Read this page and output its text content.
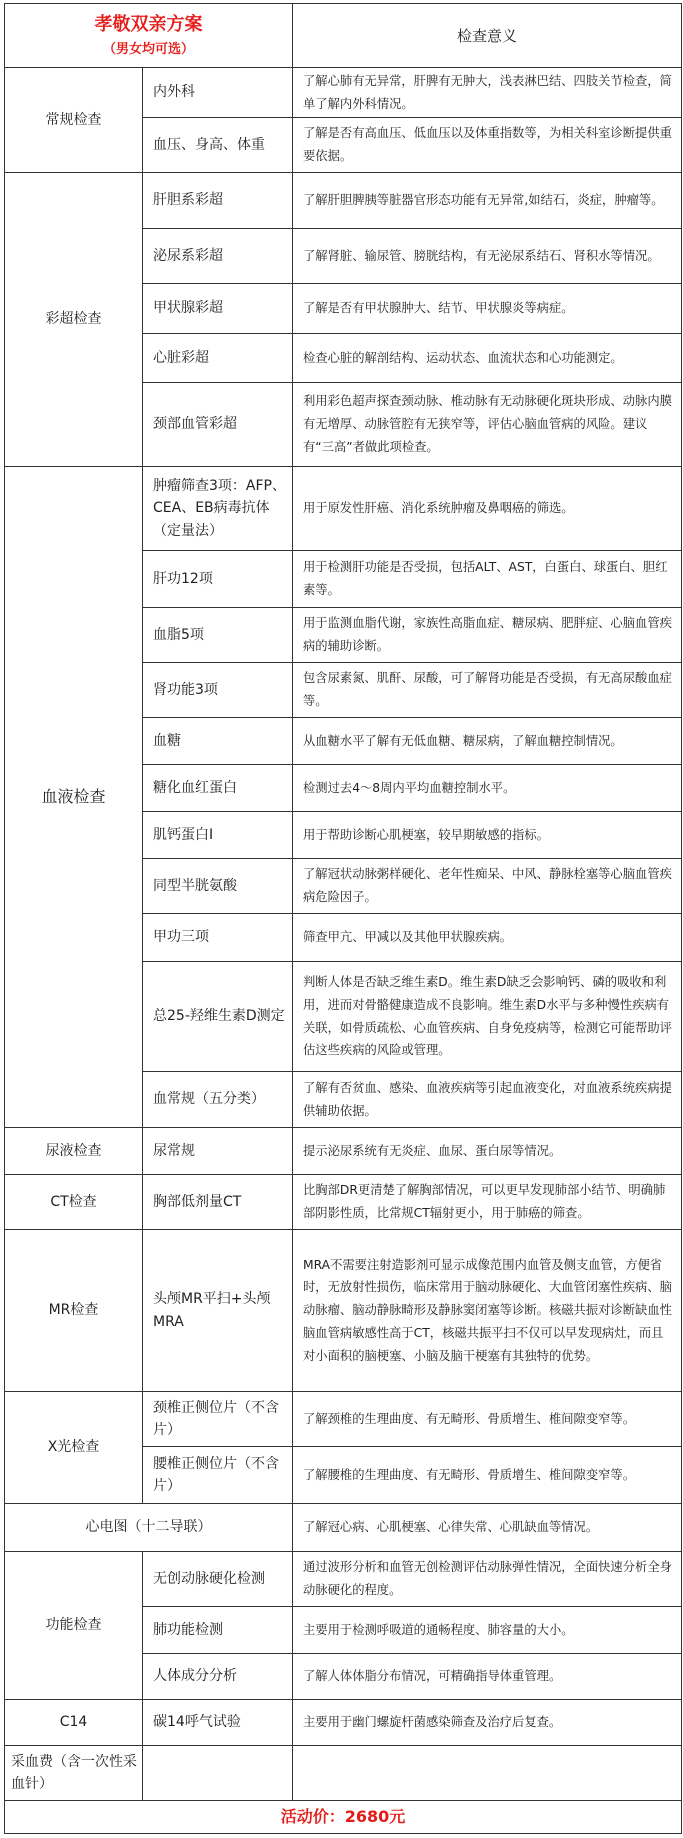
孝敬双亲方案
（男女均可选）		检查意义
常规检查	内外科	了解心肺有无异常，肝脾有无肿大，浅表淋巴结、四肢关节检查，简单了解内外科情况。
	血压、身高、体重	了解是否有高血压、低血压以及体重指数等，为相关科室诊断提供重要依据。
彩超检查	肝胆系彩超	了解肝胆脾胰等脏器官形态功能有无异常,如结石，炎症，肿瘤等。
	泌尿系彩超	了解肾脏、输尿管、膀胱结构，有无泌尿系结石、肾积水等情况。
	甲状腺彩超	了解是否有甲状腺肿大、结节、甲状腺炎等病症。
	心脏彩超	检查心脏的解剖结构、运动状态、血流状态和心功能测定。
	颈部血管彩超	利用彩色超声探查颈动脉、椎动脉有无动脉硬化斑块形成、动脉内膜有无增厚、动脉管腔有无狭窄等，评估心脑血管病的风险。建议有“三高”者做此项检查。
血液检查	肿瘤筛查3项：AFP、CEA、EB病毒抗体（定量法）	用于原发性肝癌、消化系统肿瘤及鼻咽癌的筛选。
	肝功12项	用于检测肝功能是否受损，包括ALT、AST，白蛋白、球蛋白、胆红素等。
	血脂5项	用于监测血脂代谢，家族性高脂血症、糖尿病、肥胖症、心脑血管疾病的辅助诊断。
	肾功能3项	包含尿素氮、肌酐、尿酸，可了解肾功能是否受损，有无高尿酸血症等。
	血糖	从血糖水平了解有无低血糖、糖尿病，了解血糖控制情况。
	糖化血红蛋白	检测过去4～8周内平均血糖控制水平。
	肌钙蛋白I	用于帮助诊断心肌梗塞，较早期敏感的指标。
	同型半胱氨酸	了解冠状动脉粥样硬化、老年性痴呆、中风、静脉栓塞等心脑血管疾病危险因子。
	甲功三项	筛查甲亢、甲减以及其他甲状腺疾病。
	总25-羟维生素D测定	判断人体是否缺乏维生素D。维生素D缺乏会影响钙、磷的吸收和利用，进而对骨骼健康造成不良影响。维生素D水平与多种慢性疾病有关联，如骨质疏松、心血管疾病、自身免疫病等，检测它可能帮助评估这些疾病的风险或管理。
	血常规（五分类）	了解有否贫血、感染、血液疾病等引起血液变化，对血液系统疾病提供辅助依据。
尿液检查	尿常规	提示泌尿系统有无炎症、血尿、蛋白尿等情况。
CT检查	胸部低剂量CT	比胸部DR更清楚了解胸部情况，可以更早发现肺部小结节、明确肺部阴影性质，比常规CT辐射更小，用于肺癌的筛查。
MR检查	头颅MR平扫+头颅MRA	MRA不需要注射造影剂可显示成像范围内血管及侧支血管，方便省时，无放射性损伤，临床常用于脑动脉硬化、大血管闭塞性疾病、脑动脉瘤、脑动静脉畸形及静脉窦闭塞等诊断。核磁共振对诊断缺血性脑血管病敏感性高于CT，核磁共振平扫不仅可以早发现病灶，而且对小面积的脑梗塞、小脑及脑干梗塞有其独特的优势。
X光检查	颈椎正侧位片（不含片）	了解颈椎的生理曲度、有无畸形、骨质增生、椎间隙变窄等。
	腰椎正侧位片（不含片）	了解腰椎的生理曲度、有无畸形、骨质增生、椎间隙变窄等。
心电图（十二导联）		了解冠心病、心肌梗塞、心律失常、心肌缺血等情况。
功能检查	无创动脉硬化检测	通过波形分析和血管无创检测评估动脉弹性情况，全面快速分析全身动脉硬化的程度。
	肺功能检测	主要用于检测呼吸道的通畅程度、肺容量的大小。
	人体成分分析	了解人体体脂分布情况，可精确指导体重管理。
C14	碳14呼气试验	主要用于幽门螺旋杆菌感染筛查及治疗后复查。
采血费（含一次性采血针）		
活动价：2680元		
